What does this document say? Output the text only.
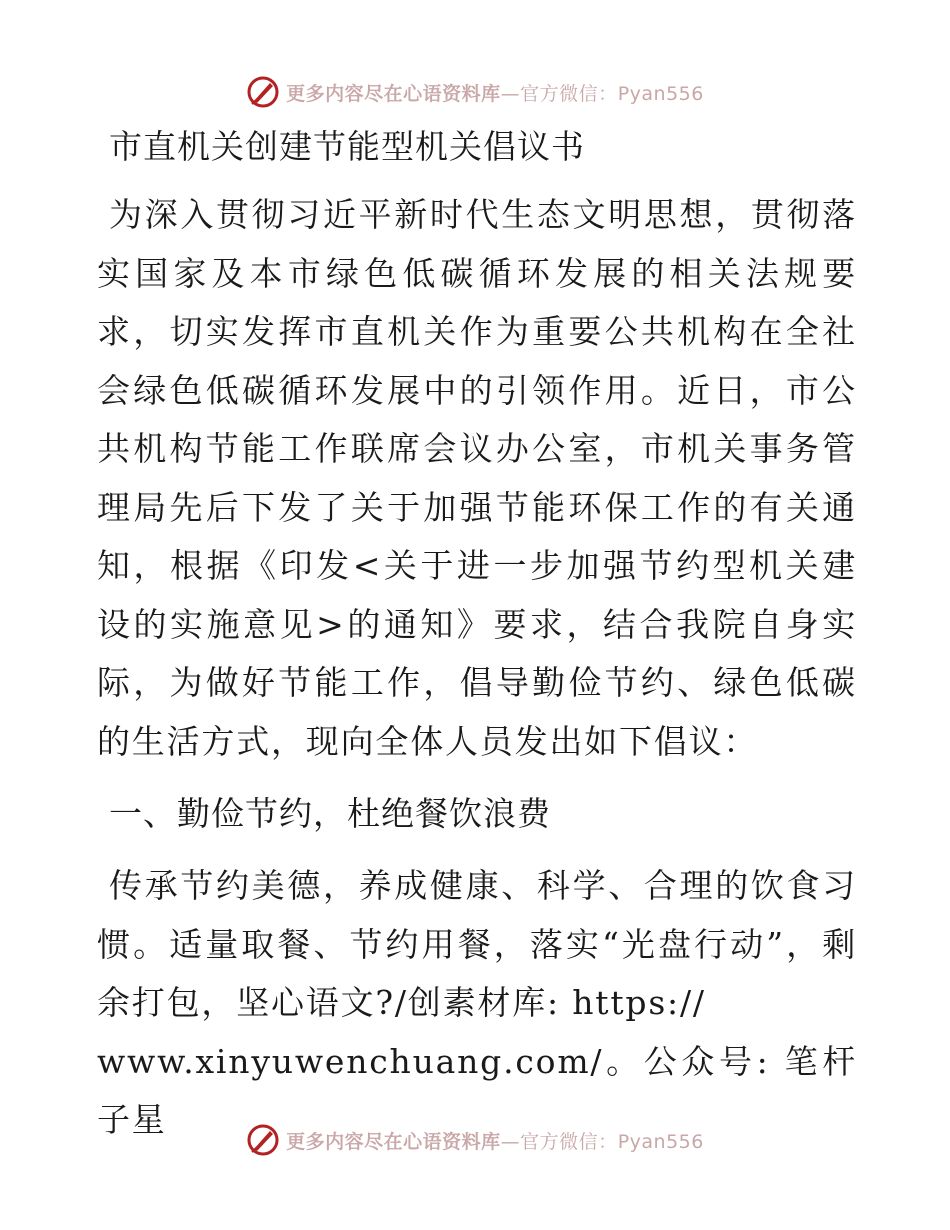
更多内容尽在心语资料库—官方微信：Pyan556
市直机关创建节能型机关倡议书

为深入贯彻习近平新时代生态文明思想，贯彻落实国家及本市绿色低碳循环发展的相关法规要求，切实发挥市直机关作为重要公共机构在全社会绿色低碳循环发展中的引领作用。近日，市公共机构节能工作联席会议办公室，市机关事务管理局先后下发了关于加强节能环保工作的有关通知，根据《印发<关于进一步加强节约型机关建设的实施意见>的通知》要求，结合我院自身实际，为做好节能工作，倡导勤俭节约、绿色低碳的生活方式，现向全体人员发出如下倡议：

一、勤俭节约，杜绝餐饮浪费

传承节约美德，养成健康、科学、合理的饮食习惯。适量取餐、节约用餐，落实“光盘行动”，剩余打包，坚心语文?/创素材库: https://
www.xinyuwenchuang.com/。公众号: 笔杆子星

更多内容尽在心语资料库—官方微信：Pyan556
